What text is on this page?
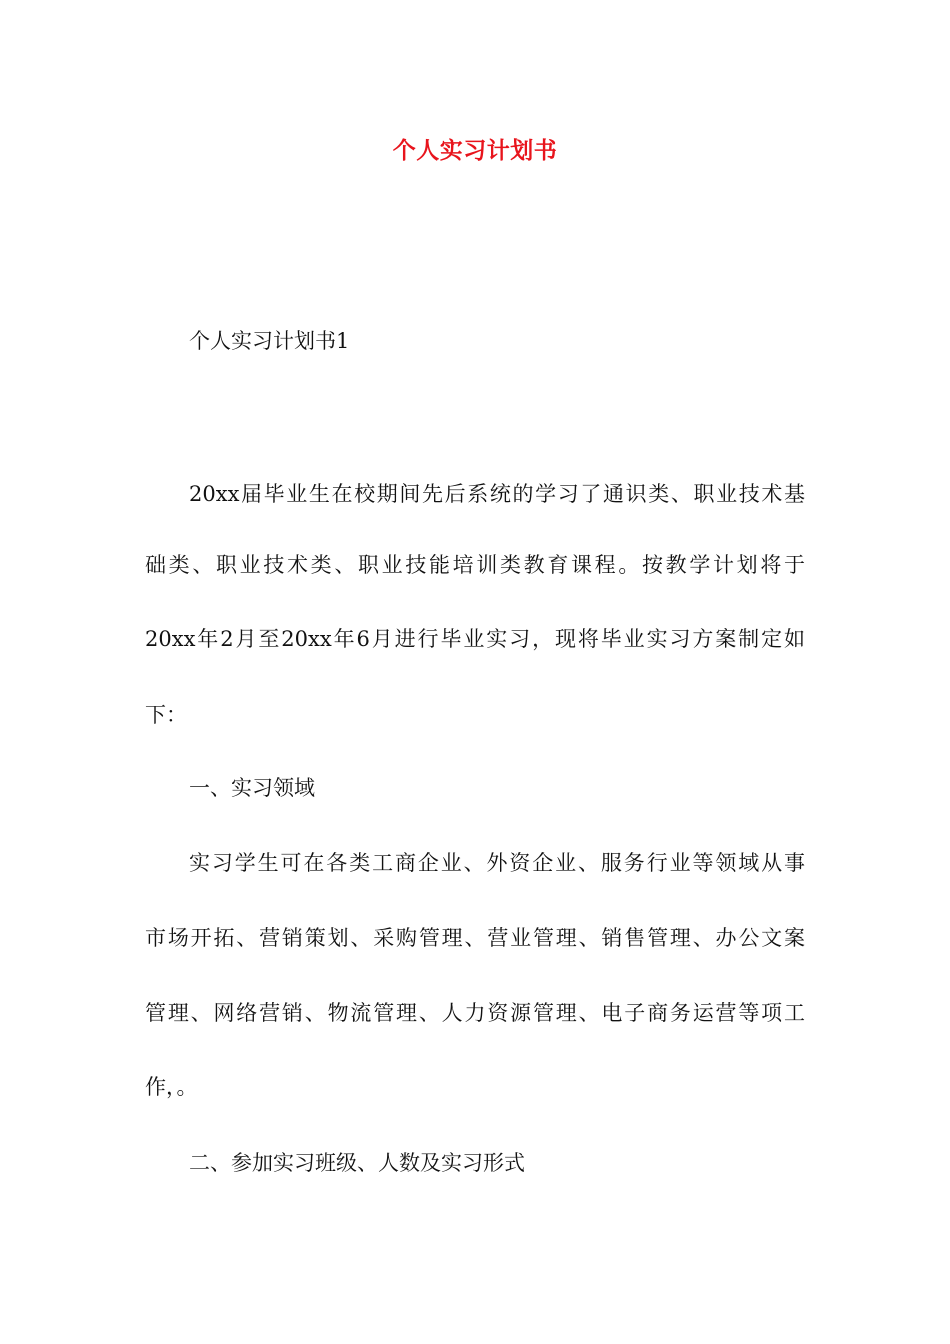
个人实习计划书
个人实习计划书1
20xx届毕业生在校期间先后系统的学习了通识类、职业技术基
础类、职业技术类、职业技能培训类教育课程。按教学计划将于
20xx年2月至20xx年6月进行毕业实习，现将毕业实习方案制定如
下：
一、实习领域
实习学生可在各类工商企业、外资企业、服务行业等领域从事
市场开拓、营销策划、采购管理、营业管理、销售管理、办公文案
管理、网络营销、物流管理、人力资源管理、电子商务运营等项工
作，。
二、参加实习班级、人数及实习形式
